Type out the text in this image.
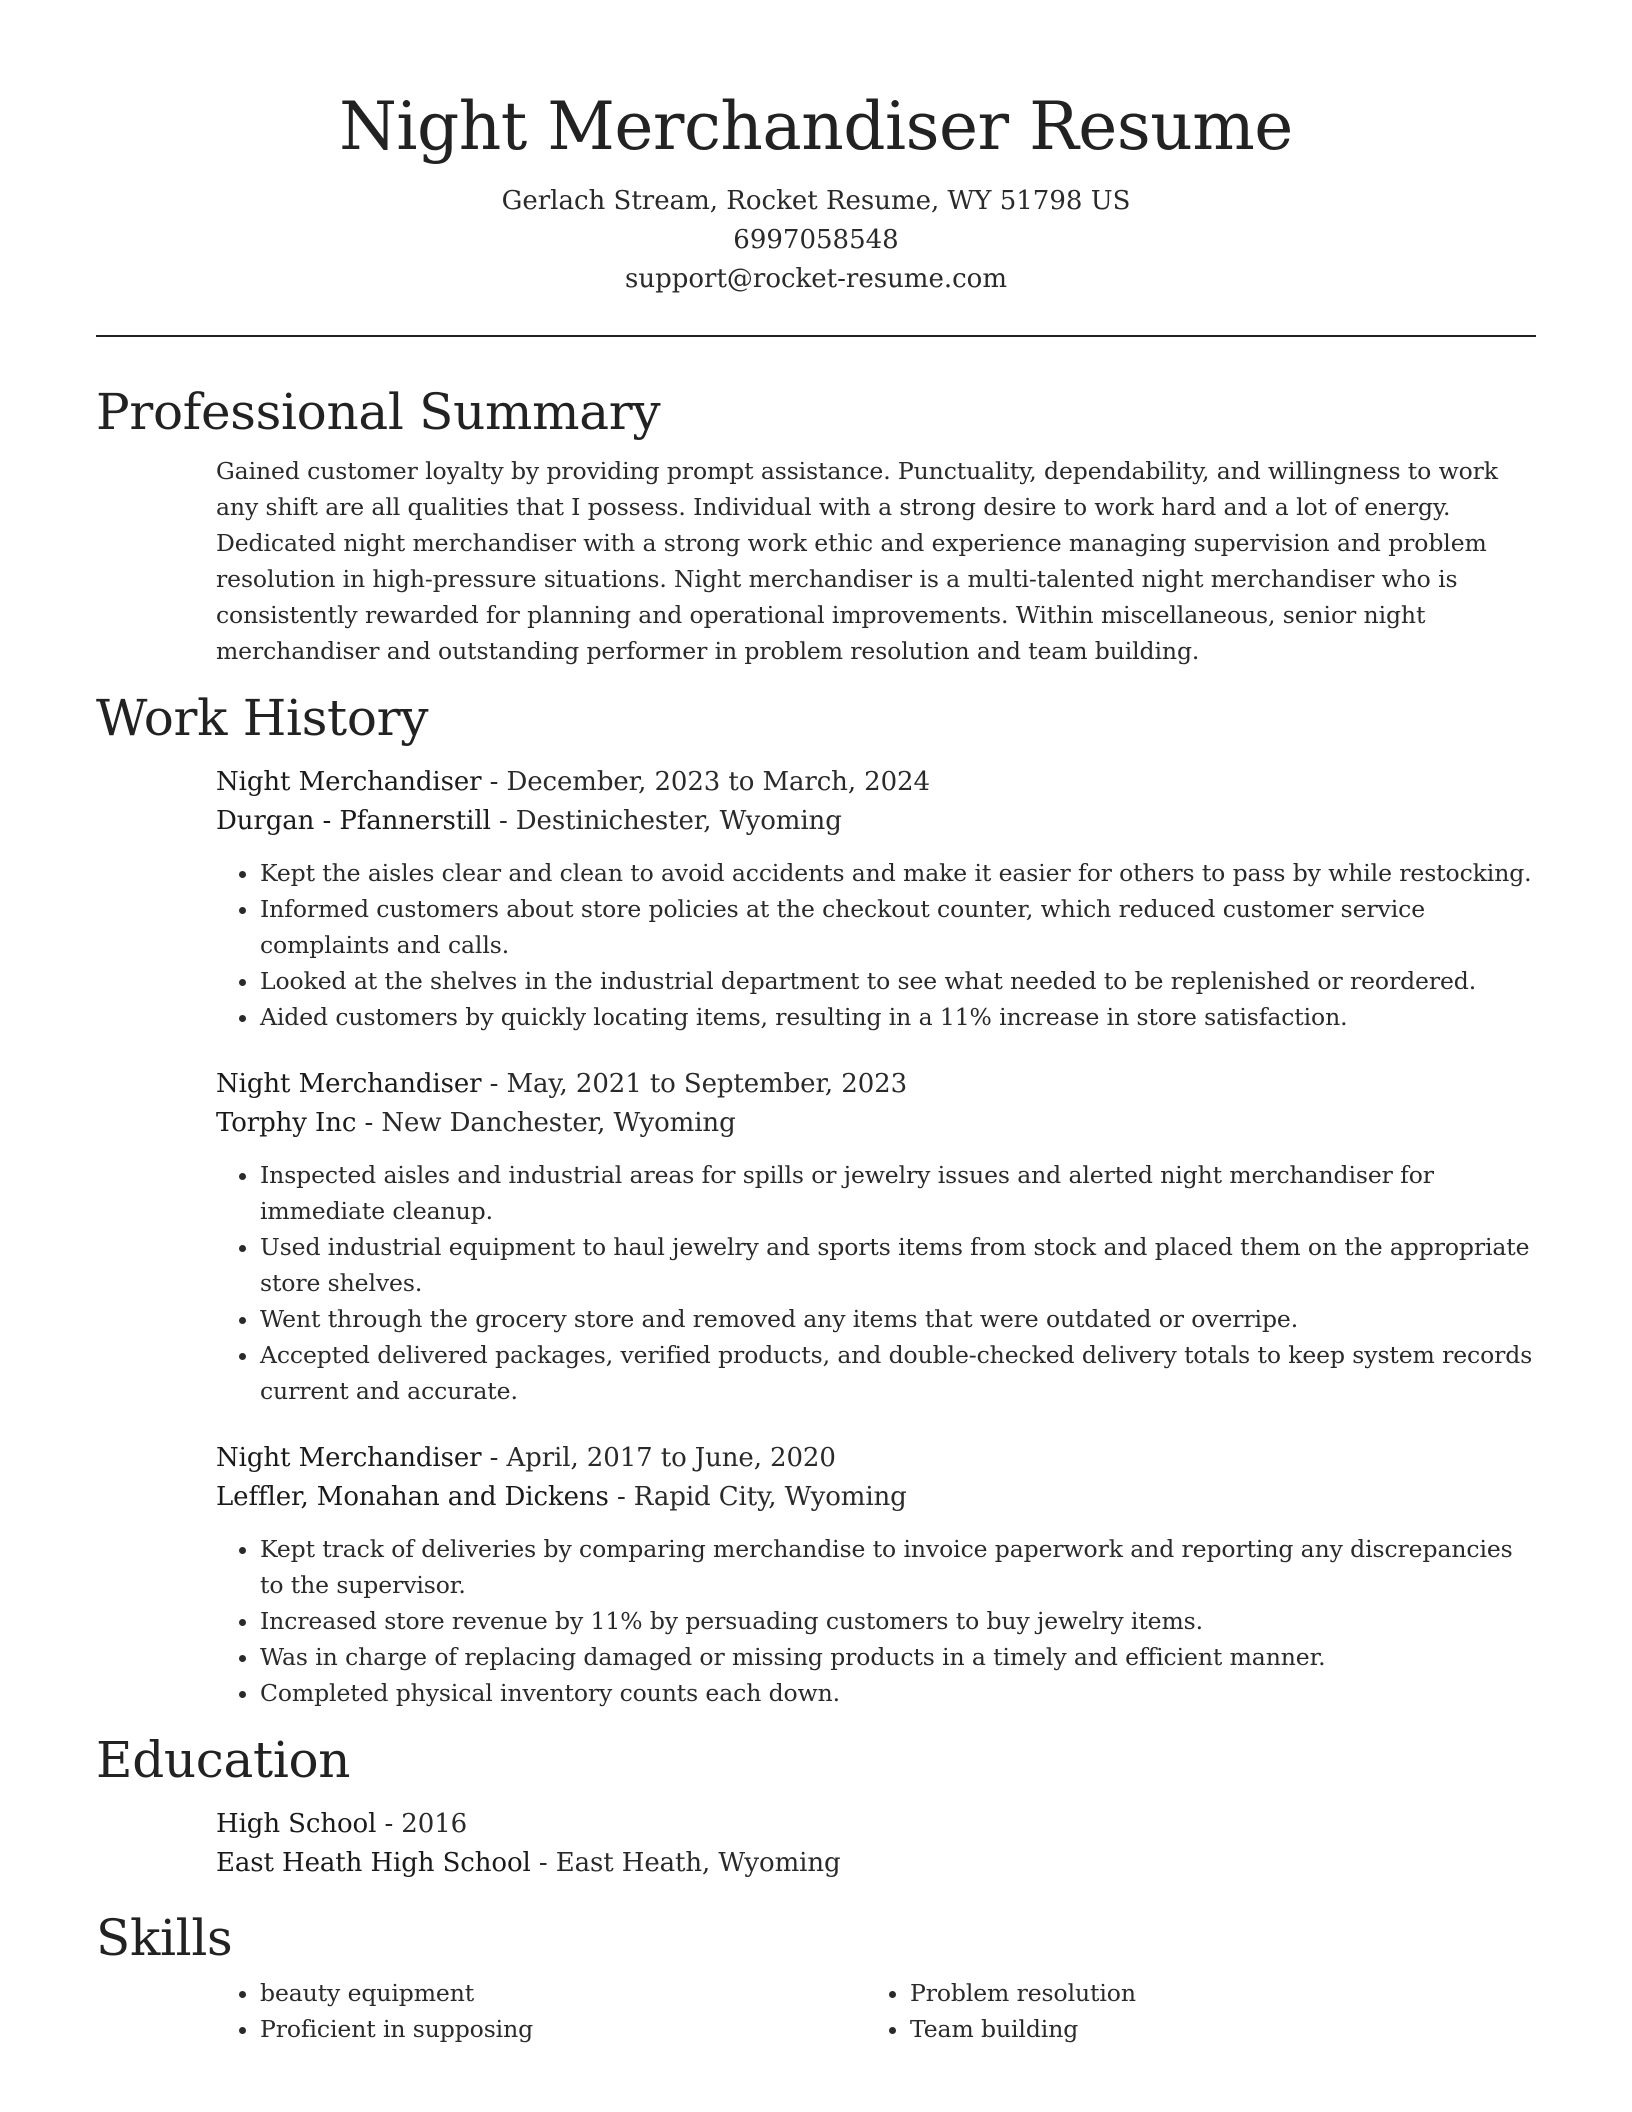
Night Merchandiser Resume

Gerlach Stream, Rocket Resume, WY 51798 US

6997058548

support@rocket-resume.com

Professional Summary

Gained customer loyalty by providing prompt assistance. Punctuality, dependability, and willingness to work any shift are all qualities that I possess. Individual with a strong desire to work hard and a lot of energy. Dedicated night merchandiser with a strong work ethic and experience managing supervision and problem resolution in high-pressure situations. Night merchandiser is a multi-talented night merchandiser who is consistently rewarded for planning and operational improvements. Within miscellaneous, senior night merchandiser and outstanding performer in problem resolution and team building.

Work History

Night Merchandiser - December, 2023 to March, 2024

Durgan - Pfannerstill - Destinichester, Wyoming

• Kept the aisles clear and clean to avoid accidents and make it easier for others to pass by while restocking.
• Informed customers about store policies at the checkout counter, which reduced customer service complaints and calls.
• Looked at the shelves in the industrial department to see what needed to be replenished or reordered.
• Aided customers by quickly locating items, resulting in a 11% increase in store satisfaction.

Night Merchandiser - May, 2021 to September, 2023

Torphy Inc - New Danchester, Wyoming

• Inspected aisles and industrial areas for spills or jewelry issues and alerted night merchandiser for immediate cleanup.
• Used industrial equipment to haul jewelry and sports items from stock and placed them on the appropriate store shelves.
• Went through the grocery store and removed any items that were outdated or overripe.
• Accepted delivered packages, verified products, and double-checked delivery totals to keep system records current and accurate.

Night Merchandiser - April, 2017 to June, 2020

Leffler, Monahan and Dickens - Rapid City, Wyoming

• Kept track of deliveries by comparing merchandise to invoice paperwork and reporting any discrepancies to the supervisor.
• Increased store revenue by 11% by persuading customers to buy jewelry items.
• Was in charge of replacing damaged or missing products in a timely and efficient manner.
• Completed physical inventory counts each down.
Education

High School - 2016

East Heath High School - East Heath, Wyoming

Skills
• beauty equipment
• Proficient in supposing
• Problem resolution
• Team building
